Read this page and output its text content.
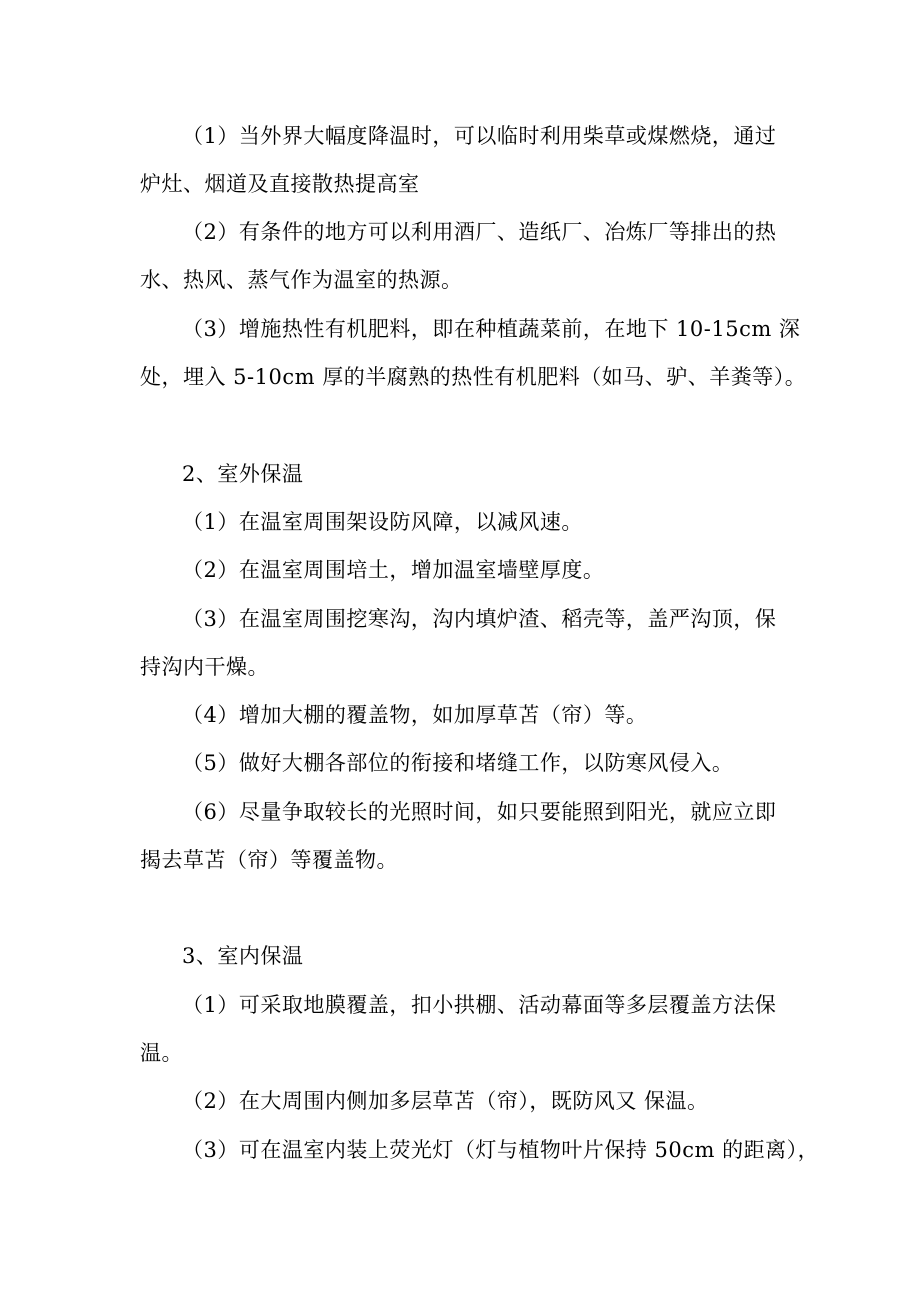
（1）当外界大幅度降温时，可以临时利用柴草或煤燃烧，通过
炉灶、烟道及直接散热提高室
（2）有条件的地方可以利用酒厂、造纸厂、冶炼厂等排出的热
水、热风、蒸气作为温室的热源。
（3）增施热性有机肥料，即在种植蔬菜前，在地下 10-15cm 深
处，埋入 5-10cm 厚的半腐熟的热性有机肥料（如马、驴、羊粪等）。
2、室外保温
（1）在温室周围架设防风障，以减风速。
（2）在温室周围培土，增加温室墙壁厚度。
（3）在温室周围挖寒沟，沟内填炉渣、稻壳等，盖严沟顶，保
持沟内干燥。
（4）增加大棚的覆盖物，如加厚草苫（帘）等。
（5）做好大棚各部位的衔接和堵缝工作，以防寒风侵入。
（6）尽量争取较长的光照时间，如只要能照到阳光，就应立即
揭去草苫（帘）等覆盖物。
3、室内保温
（1）可采取地膜覆盖，扣小拱棚、活动幕面等多层覆盖方法保
温。
（2）在大周围内侧加多层草苫（帘），既防风又 保温。
（3）可在温室内装上荧光灯（灯与植物叶片保持 50cm 的距离），
